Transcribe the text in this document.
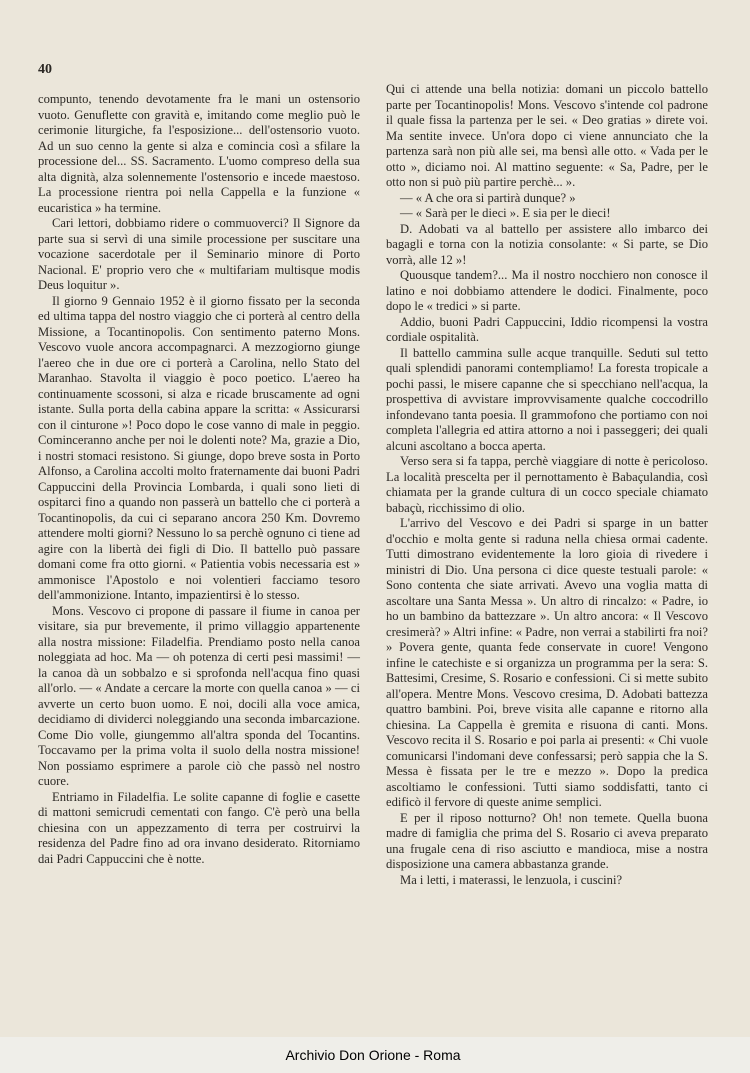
40

compunto, tenendo devotamente fra le mani un ostensorio vuoto. Genuflette con gravità e, imitando come meglio può le cerimonie liturgiche, fa l'esposizione... dell'ostensorio vuoto. Ad un suo cenno la gente si alza e comincia così a sfilare la processione del... SS. Sacramento. L'uomo compreso della sua alta dignità, alza solennemente l'ostensorio e incede maestoso. La processione rientra poi nella Cappella e la funzione « eucaristica » ha termine.

Cari lettori, dobbiamo ridere o commuoverci? Il Signore da parte sua si servì di una simile processione per suscitare una vocazione sacerdotale per il Seminario minore di Porto Nacional. E' proprio vero che « multifariam multisque modis Deus loquitur ».

Il giorno 9 Gennaio 1952 è il giorno fissato per la seconda ed ultima tappa del nostro viaggio che ci porterà al centro della Missione, a Tocantinopolis. Con sentimento paterno Mons. Vescovo vuole ancora accompagnarci. A mezzogiorno giunge l'aereo che in due ore ci porterà a Carolina, nello Stato del Maranhao. Stavolta il viaggio è poco poetico. L'aereo ha continuamente scossoni, si alza e ricade bruscamente ad ogni istante. Sulla porta della cabina appare la scritta: « Assicurarsi con il cinturone »! Poco dopo le cose vanno di male in peggio. Cominceranno anche per noi le dolenti note? Ma, grazie a Dio, i nostri stomaci resistono. Si giunge, dopo breve sosta in Porto Alfonso, a Carolina accolti molto fraternamente dai buoni Padri Cappuccini della Provincia Lombarda, i quali sono lieti di ospitarci fino a quando non passerà un battello che ci porterà a Tocantinopolis, da cui ci separano ancora 250 Km. Dovremo attendere molti giorni? Nessuno lo sa perchè ognuno ci tiene ad agire con la libertà dei figli di Dio. Il battello può passare domani come fra otto giorni. « Patientia vobis necessaria est » ammonisce l'Apostolo e noi volentieri facciamo tesoro dell'ammonizione. Intanto, impazientirsi è lo stesso.

Mons. Vescovo ci propone di passare il fiume in canoa per visitare, sia pur brevemente, il primo villaggio appartenente alla nostra missione: Filadelfia. Prendiamo posto nella canoa noleggiata ad hoc. Ma — oh potenza di certi pesi massimi! — la canoa dà un sobbalzo e si sprofonda nell'acqua fino quasi all'orlo. — « Andate a cercare la morte con quella canoa » — ci avverte un certo buon uomo. E noi, docili alla voce amica, decidiamo di dividerci noleggiando una seconda imbarcazione. Come Dio volle, giungemmo all'altra sponda del Tocantins. Toccavamo per la prima volta il suolo della nostra missione! Non possiamo esprimere a parole ciò che passò nel nostro cuore.

Entriamo in Filadelfia. Le solite capanne di foglie e casette di mattoni semicrudi cementati con fango. C'è però una bella chiesina con un appezzamento di terra per costruirvi la residenza del Padre fino ad ora invano desiderato. Ritorniamo dai Padri Cappuccini che è notte.

Qui ci attende una bella notizia: domani un piccolo battello parte per Tocantinopolis! Mons. Vescovo s'intende col padrone il quale fissa la partenza per le sei. « Deo gratias » direte voi. Ma sentite invece. Un'ora dopo ci viene annunciato che la partenza sarà non più alle sei, ma bensì alle otto. « Vada per le otto », diciamo noi. Al mattino seguente: « Sa, Padre, per le otto non si può più partire perchè... ».

— « A che ora si partirà dunque? »

— « Sarà per le dieci ». E sia per le dieci!

D. Adobati va al battello per assistere allo imbarco dei bagagli e torna con la notizia consolante: « Si parte, se Dio vorrà, alle 12 »!

Quousque tandem?... Ma il nostro nocchiero non conosce il latino e noi dobbiamo attendere le dodici. Finalmente, poco dopo le « tredici » si parte.

Addio, buoni Padri Cappuccini, Iddio ricompensi la vostra cordiale ospitalità.

Il battello cammina sulle acque tranquille. Seduti sul tetto quali splendidi panorami contempliamo! La foresta tropicale a pochi passi, le misere capanne che si specchiano nell'acqua, la prospettiva di avvistare improvvisamente qualche coccodrillo infondevano tanta poesia. Il grammofono che portiamo con noi completa l'allegria ed attira attorno a noi i passeggeri; dei quali alcuni ascoltano a bocca aperta.

Verso sera si fa tappa, perchè viaggiare di notte è pericoloso. La località prescelta per il pernottamento è Babaçulandia, così chiamata per la grande cultura di un cocco speciale chiamato babaçù, ricchissimo di olio.

L'arrivo del Vescovo e dei Padri si sparge in un batter d'occhio e molta gente si raduna nella chiesa ormai cadente. Tutti dimostrano evidentemente la loro gioia di rivedere i ministri di Dio. Una persona ci dice queste testuali parole: « Sono contenta che siate arrivati. Avevo una voglia matta di ascoltare una Santa Messa ». Un altro di rincalzo: « Padre, io ho un bambino da battezzare ». Un altro ancora: « Il Vescovo cresimerà? » Altri infine: « Padre, non verrai a stabilirti fra noi? » Povera gente, quanta fede conservate in cuore! Vengono infine le catechiste e si organizza un programma per la sera: S. Battesimi, Cresime, S. Rosario e confessioni. Ci si mette subito all'opera. Mentre Mons. Vescovo cresima, D. Adobati battezza quattro bambini. Poi, breve visita alle capanne e ritorno alla chiesina. La Cappella è gremita e risuona di canti. Mons. Vescovo recita il S. Rosario e poi parla ai presenti: « Chi vuole comunicarsi l'indomani deve confessarsi; però sappia che la S. Messa è fissata per le tre e mezzo ». Dopo la predica ascoltiamo le confessioni. Tutti siamo soddisfatti, tanto ci edificò il fervore di queste anime semplici.

E per il riposo notturno? Oh! non temete. Quella buona madre di famiglia che prima del S. Rosario ci aveva preparato una frugale cena di riso asciutto e mandioca, mise a nostra disposizione una camera abbastanza grande.

Ma i letti, i materassi, le lenzuola, i cuscini?

Archivio Don Orione - Roma
